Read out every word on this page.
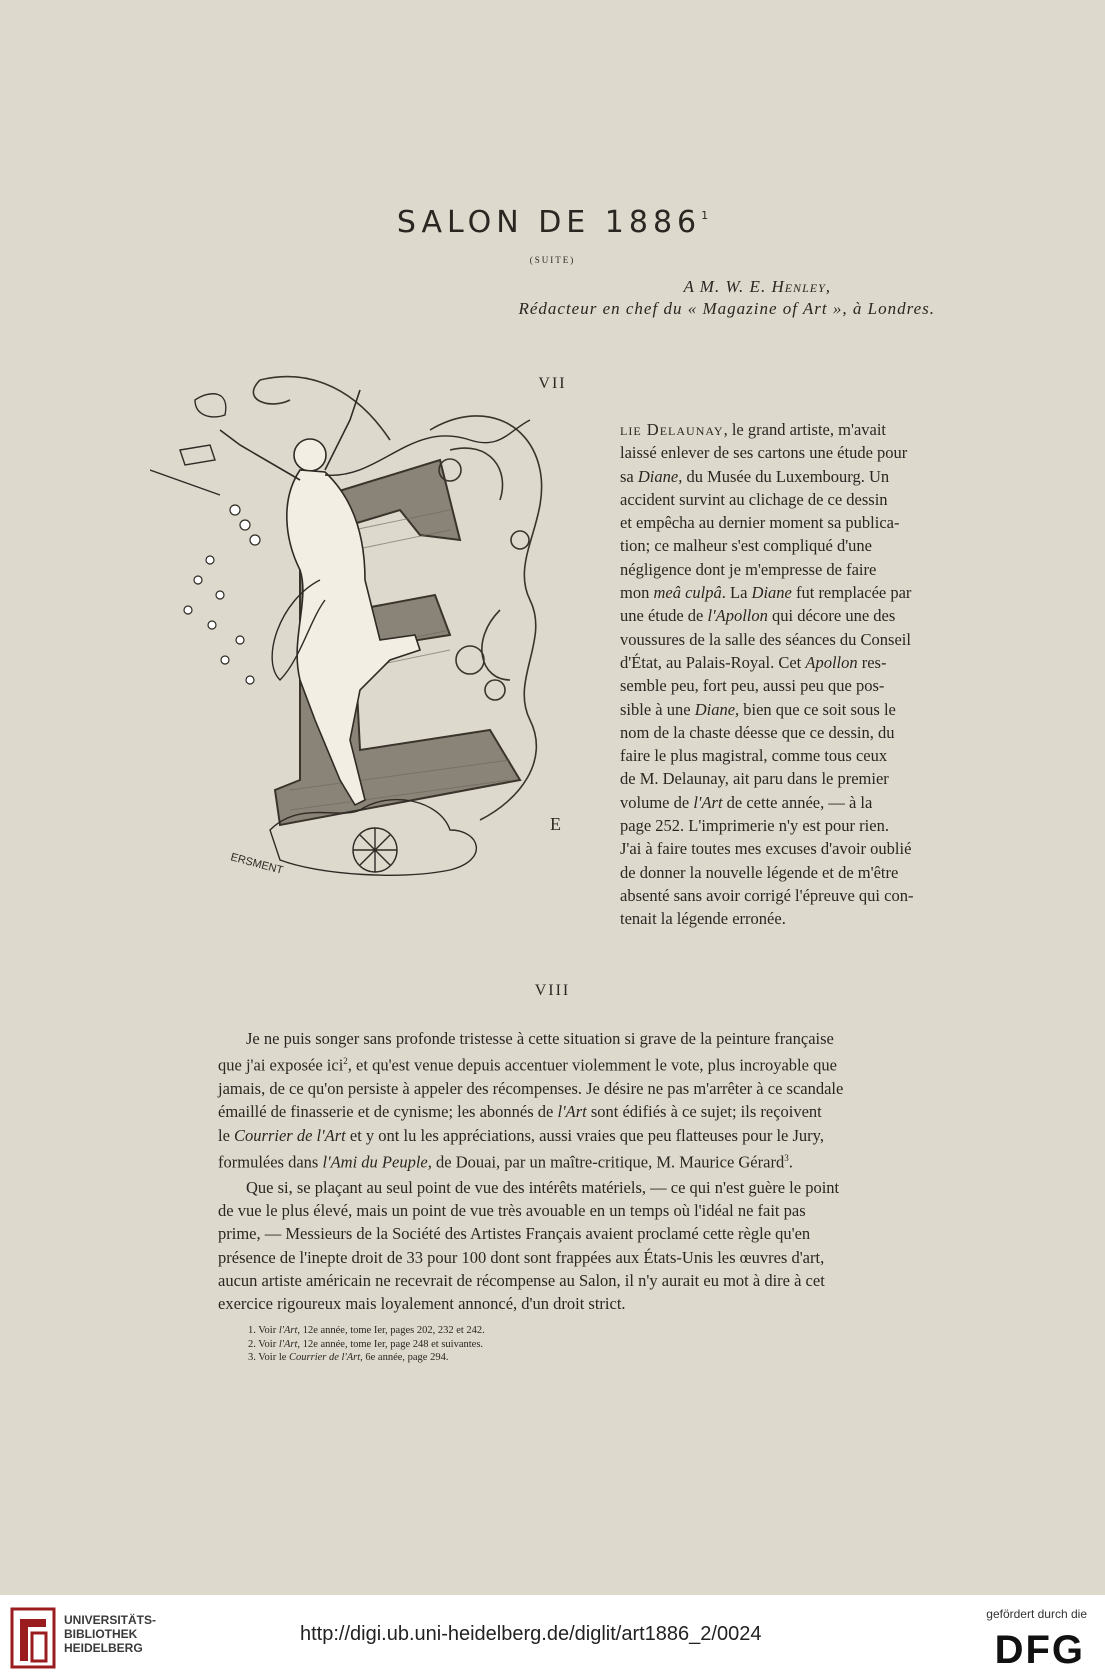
SALON DE 1886$^1$
(SUITE)
A M. W. E. Henley,
Rédacteur en chef du « Magazine of Art », à Londres.
VII
E
ERSMENT

lie Delaunay, le grand artiste, m'avait

laissé enlever de ses cartons une étude pour

sa Diane, du Musée du Luxembourg. Un

accident survint au clichage de ce dessin

et empêcha au dernier moment sa publica-

tion; ce malheur s'est compliqué d'une

négligence dont je m'empresse de faire

mon meâ culpâ. La Diane fut remplacée par

une étude de l'Apollon qui décore une des

voussures de la salle des séances du Conseil

d'État, au Palais-Royal. Cet Apollon res-

semble peu, fort peu, aussi peu que pos-

sible à une Diane, bien que ce soit sous le

nom de la chaste déesse que ce dessin, du

faire le plus magistral, comme tous ceux

de M. Delaunay, ait paru dans le premier

volume de l'Art de cette année, — à la

page 252. L'imprimerie n'y est pour rien.

J'ai à faire toutes mes excuses d'avoir oublié

de donner la nouvelle légende et de m'être

absenté sans avoir corrigé l'épreuve qui con-

tenait la légende erronée.

VIII
Je ne puis songer sans profonde tristesse à cette situation si grave de la peinture française
que j'ai exposée ici$^2$, et qu'est venue depuis accentuer violemment le vote, plus incroyable que
jamais, de ce qu'on persiste à appeler des récompenses. Je désire ne pas m'arrêter à ce scandale
émaillé de finasserie et de cynisme; les abonnés de l'Art sont édifiés à ce sujet; ils reçoivent
le Courrier de l'Art et y ont lu les appréciations, aussi vraies que peu flatteuses pour le Jury,
formulées dans l'Ami du Peuple, de Douai, par un maître-critique, M. Maurice Gérard$^3$.
Que si, se plaçant au seul point de vue des intérêts matériels, — ce qui n'est guère le point
de vue le plus élevé, mais un point de vue très avouable en un temps où l'idéal ne fait pas
prime, — Messieurs de la Société des Artistes Français avaient proclamé cette règle qu'en
présence de l'inepte droit de 33 pour 100 dont sont frappées aux États-Unis les œuvres d'art,
aucun artiste américain ne recevrait de récompense au Salon, il n'y aurait eu mot à dire à cet
exercice rigoureux mais loyalement annoncé, d'un droit strict.
1. Voir l'Art, 12e année, tome Ier, pages 202, 232 et 242.
2. Voir l'Art, 12e année, tome Ier, page 248 et suivantes.
3. Voir le Courrier de l'Art, 6e année, page 294.
UNIVERSITÄTS-
BIBLIOTHEK
HEIDELBERG
http://digi.ub.uni-heidelberg.de/diglit/art1886_2/0024
gefördert durch die
DFG
